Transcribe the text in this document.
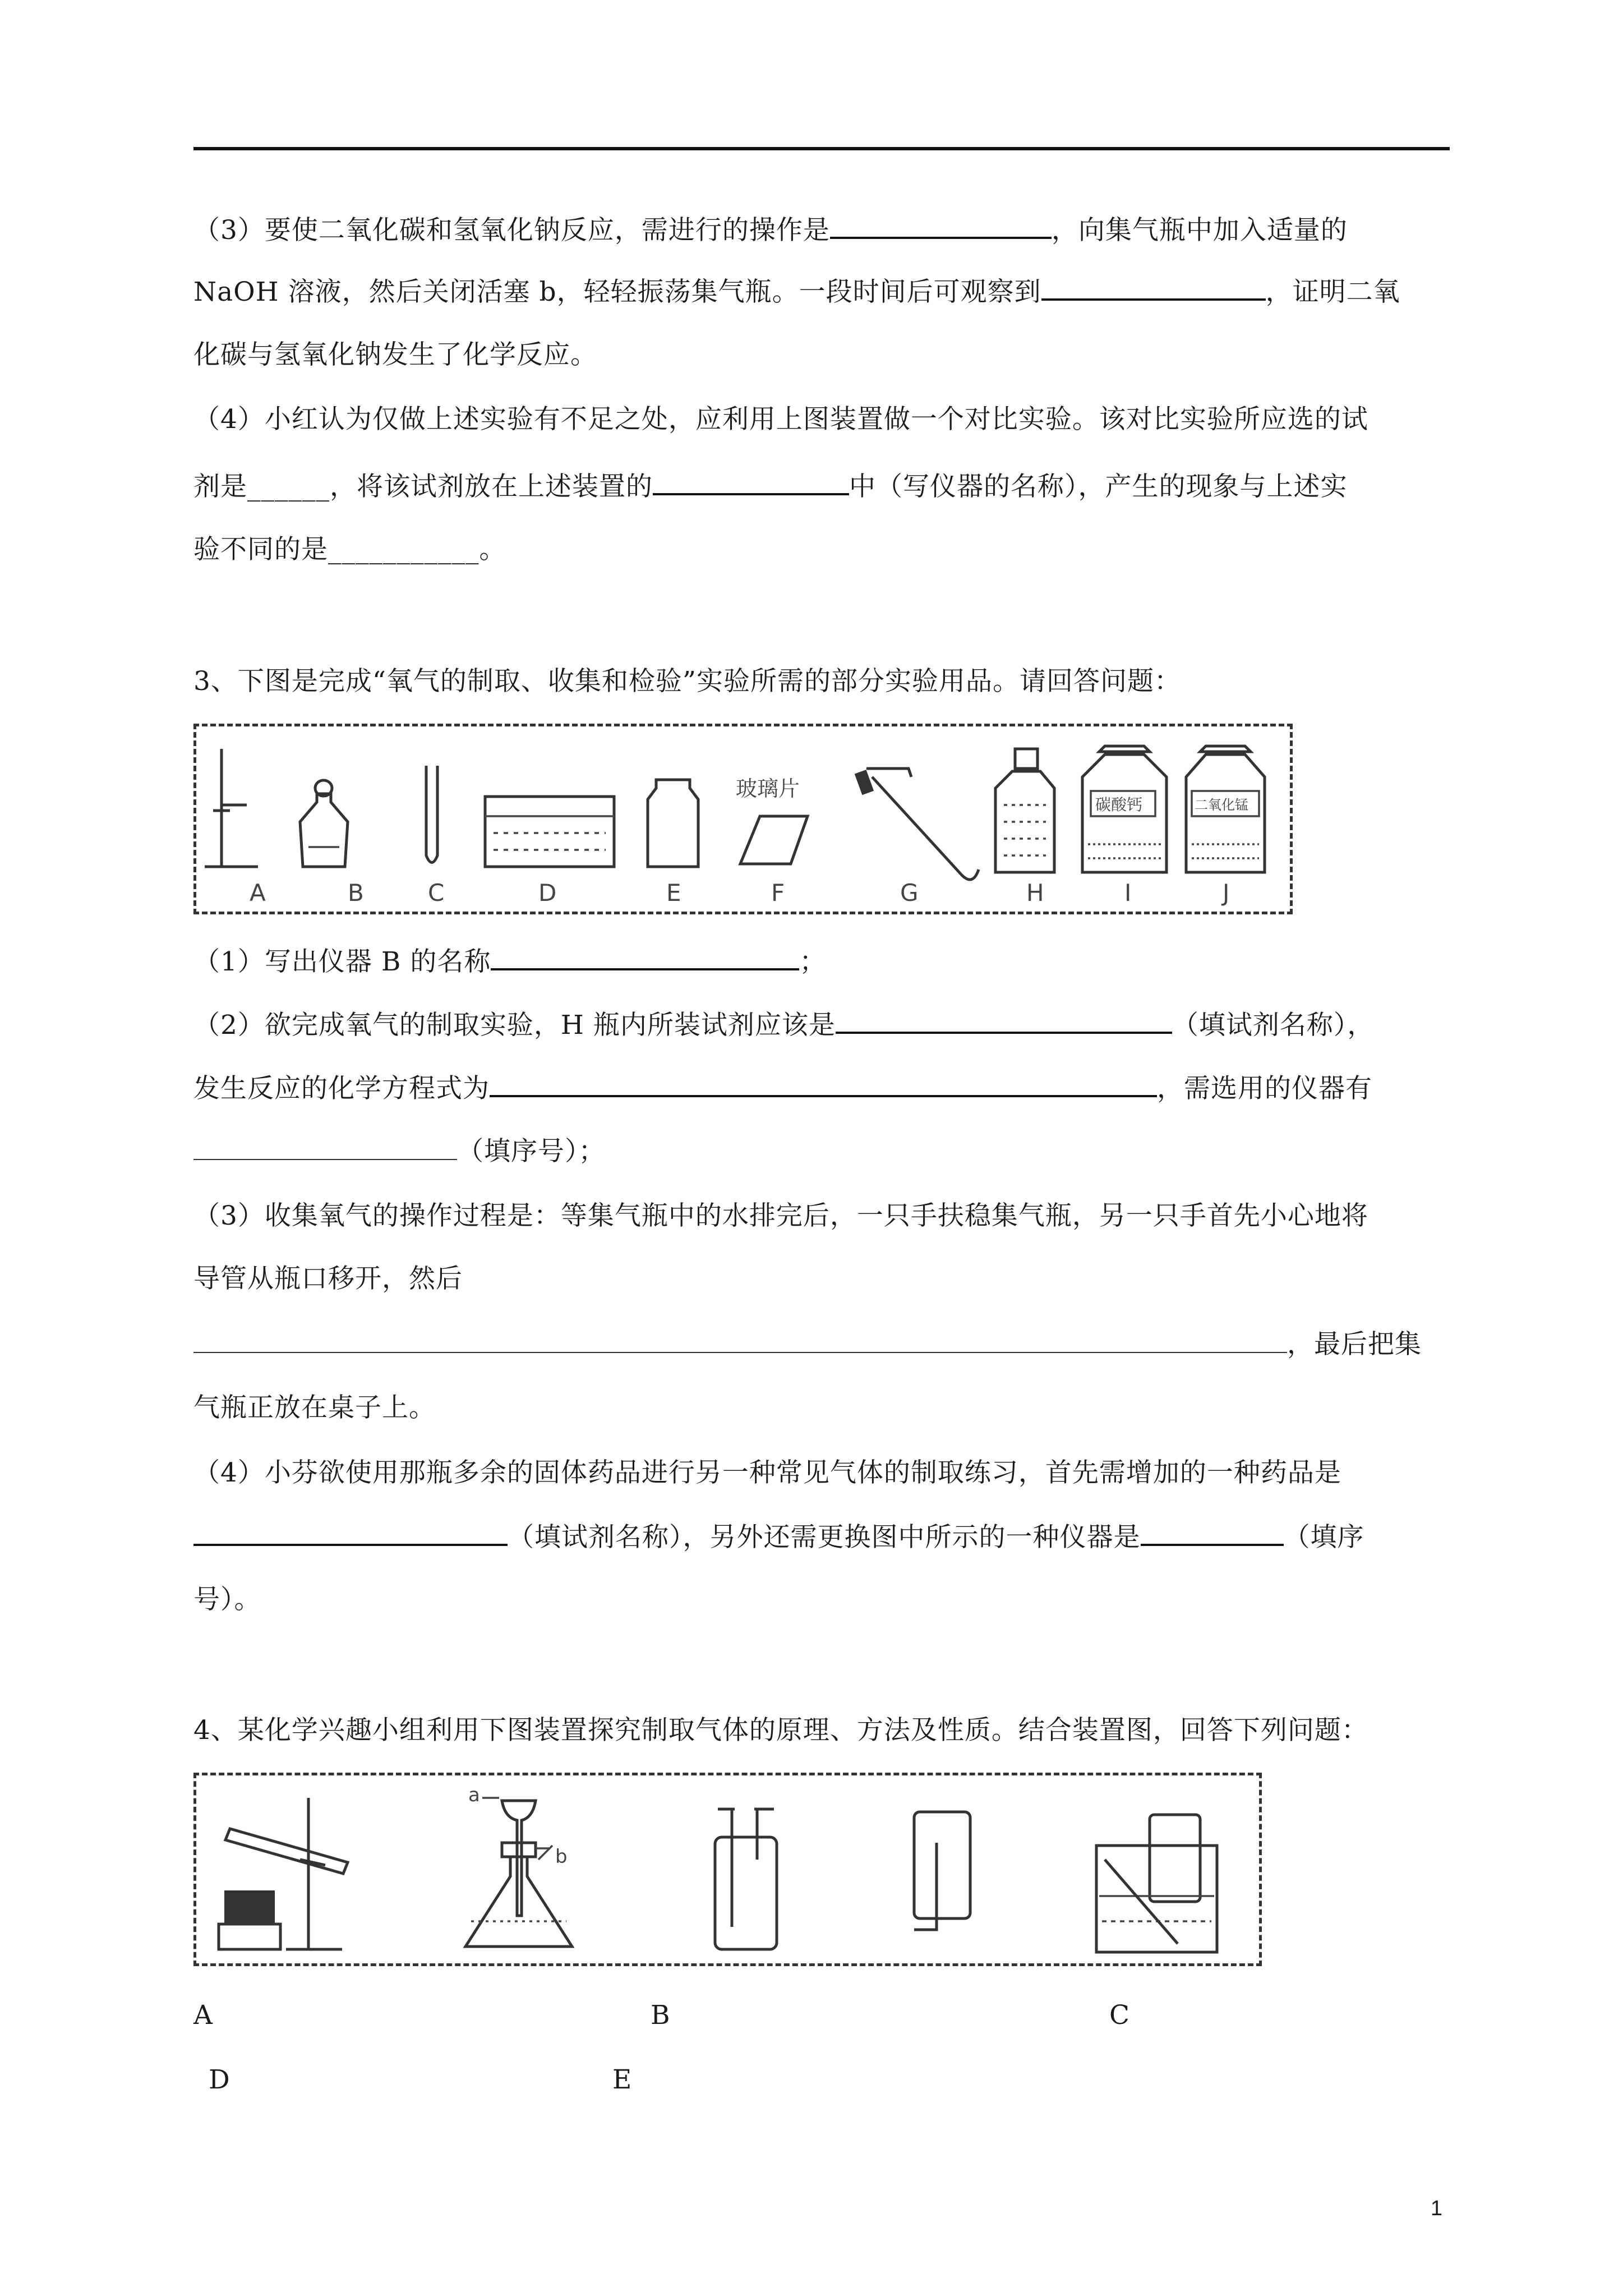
（3）要使二氧化碳和氢氧化钠反应，需进行的操作是	，向集气瓶中加入适量的
NaOH 溶液，然后关闭活塞 b，轻轻振荡集气瓶。一段时间后可观察到	，证明二氧
化碳与氢氧化钠发生了化学反应。
（4）小红认为仅做上述实验有不足之处，应利用上图装置做一个对比实验。该对比实验所应选的试
剂是______，将该试剂放在上述装置的	中（写仪器的名称），产生的现象与上述实
验不同的是___________。
3、下图是完成“氧气的制取、收集和检验”实验所需的部分实验用品。请回答问题：
玻璃片
碳酸钙	二氧化锰
A	B	C	D	E	F	G	H	I	J
（1）写出仪器 B 的名称	；
（2）欲完成氧气的制取实验，H 瓶内所装试剂应该是	（填试剂名称），
发生反应的化学方程式为	，需选用的仪器有
（填序号）；
（3）收集氧气的操作过程是：等集气瓶中的水排完后，一只手扶稳集气瓶，另一只手首先小心地将
导管从瓶口移开，然后
，最后把集
气瓶正放在桌子上。
（4）小芬欲使用那瓶多余的固体药品进行另一种常见气体的制取练习，首先需增加的一种药品是
（填试剂名称），另外还需更换图中所示的一种仪器是	（填序
号）。
4、某化学兴趣小组利用下图装置探究制取气体的原理、方法及性质。结合装置图，回答下列问题：
a
b
A	B	C
D	E
1
